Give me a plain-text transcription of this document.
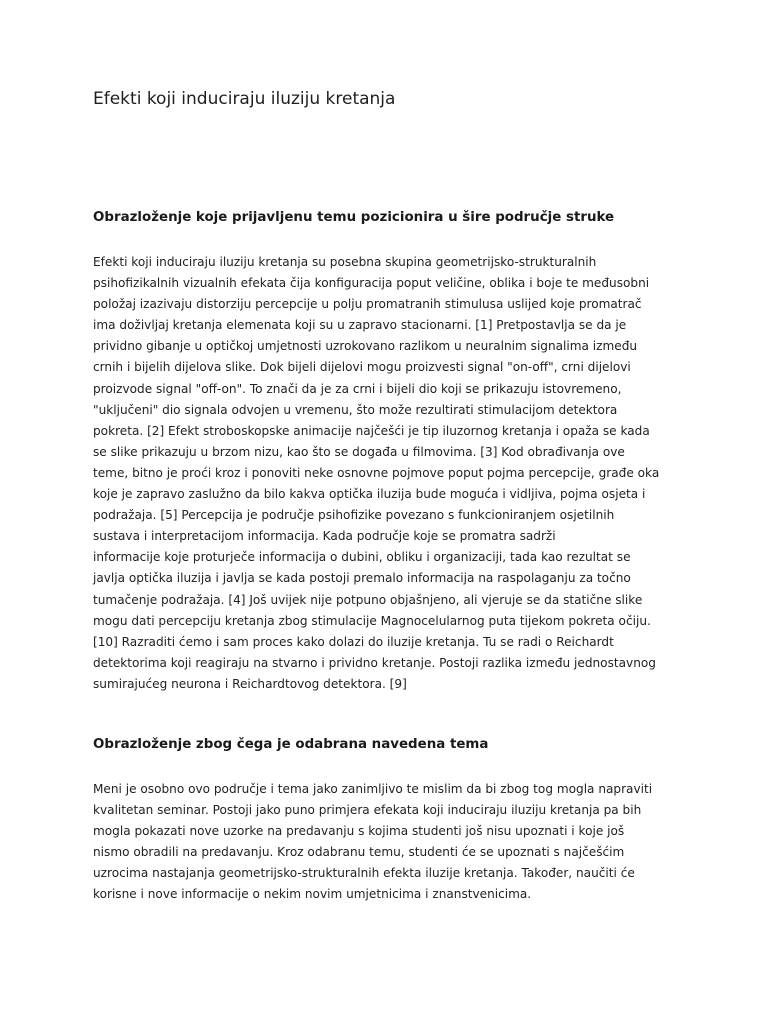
Efekti koji induciraju iluziju kretanja
Obrazloženje koje prijavljenu temu pozicionira u šire područje struke
Efekti koji induciraju iluziju kretanja su posebna skupina geometrijsko-strukturalnih
psihofizikalnih vizualnih efekata čija konfiguracija poput veličine, oblika i boje te međusobni
položaj izazivaju distorziju percepcije u polju promatranih stimulusa uslijed koje promatrač
ima doživljaj kretanja elemenata koji su u zapravo stacionarni. [1] Pretpostavlja se da je
prividno gibanje u optičkoj umjetnosti uzrokovano razlikom u neuralnim signalima između
crnih i bijelih dijelova slike. Dok bijeli dijelovi mogu proizvesti signal "on-off", crni dijelovi
proizvode signal "off-on". To znači da je za crni i bijeli dio koji se prikazuju istovremeno,
"uključeni" dio signala odvojen u vremenu, što može rezultirati stimulacijom detektora
pokreta. [2] Efekt stroboskopske animacije najčešći je tip iluzornog kretanja i opaža se kada
se slike prikazuju u brzom nizu, kao što se događa u filmovima. [3] Kod obrađivanja ove
teme, bitno je proći kroz i ponoviti neke osnovne pojmove poput pojma percepcije, građe oka
koje je zapravo zaslužno da bilo kakva optička iluzija bude moguća i vidljiva, pojma osjeta i
podražaja. [5] Percepcija je područje psihofizike povezano s funkcioniranjem osjetilnih
sustava i interpretacijom informacija. Kada područje koje se promatra sadrži
informacije koje proturječe informacija o dubini, obliku i organizaciji, tada kao rezultat se
javlja optička iluzija i javlja se kada postoji premalo informacija na raspolaganju za točno
tumačenje podražaja. [4] Još uvijek nije potpuno objašnjeno, ali vjeruje se da statične slike
mogu dati percepciju kretanja zbog stimulacije Magnocelularnog puta tijekom pokreta očiju.
[10] Razraditi ćemo i sam proces kako dolazi do iluzije kretanja. Tu se radi o Reichardt
detektorima koji reagiraju na stvarno i prividno kretanje. Postoji razlika između jednostavnog
sumirajućeg neurona i Reichardtovog detektora. [9]
Obrazloženje zbog čega je odabrana navedena tema
Meni je osobno ovo područje i tema jako zanimljivo te mislim da bi zbog tog mogla napraviti
kvalitetan seminar. Postoji jako puno primjera efekata koji induciraju iluziju kretanja pa bih
mogla pokazati nove uzorke na predavanju s kojima studenti još nisu upoznati i koje još
nismo obradili na predavanju. Kroz odabranu temu, studenti će se upoznati s najčešćim
uzrocima nastajanja geometrijsko-strukturalnih efekta iluzije kretanja. Također, naučiti će
korisne i nove informacije o nekim novim umjetnicima i znanstvenicima.
